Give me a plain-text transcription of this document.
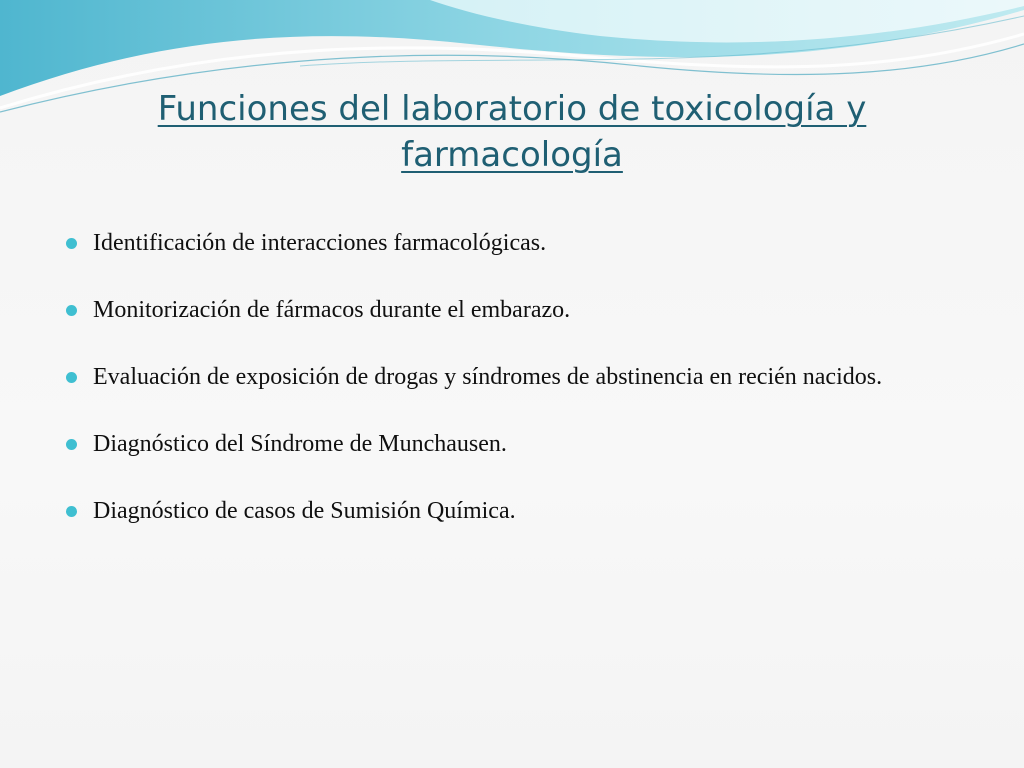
Funciones del laboratorio de toxicología y farmacología
Identificación de interacciones farmacológicas.
Monitorización de fármacos durante el embarazo.
Evaluación de exposición de drogas y síndromes de abstinencia en recién nacidos.
Diagnóstico del Síndrome de Munchausen.
Diagnóstico de casos de Sumisión Química.
